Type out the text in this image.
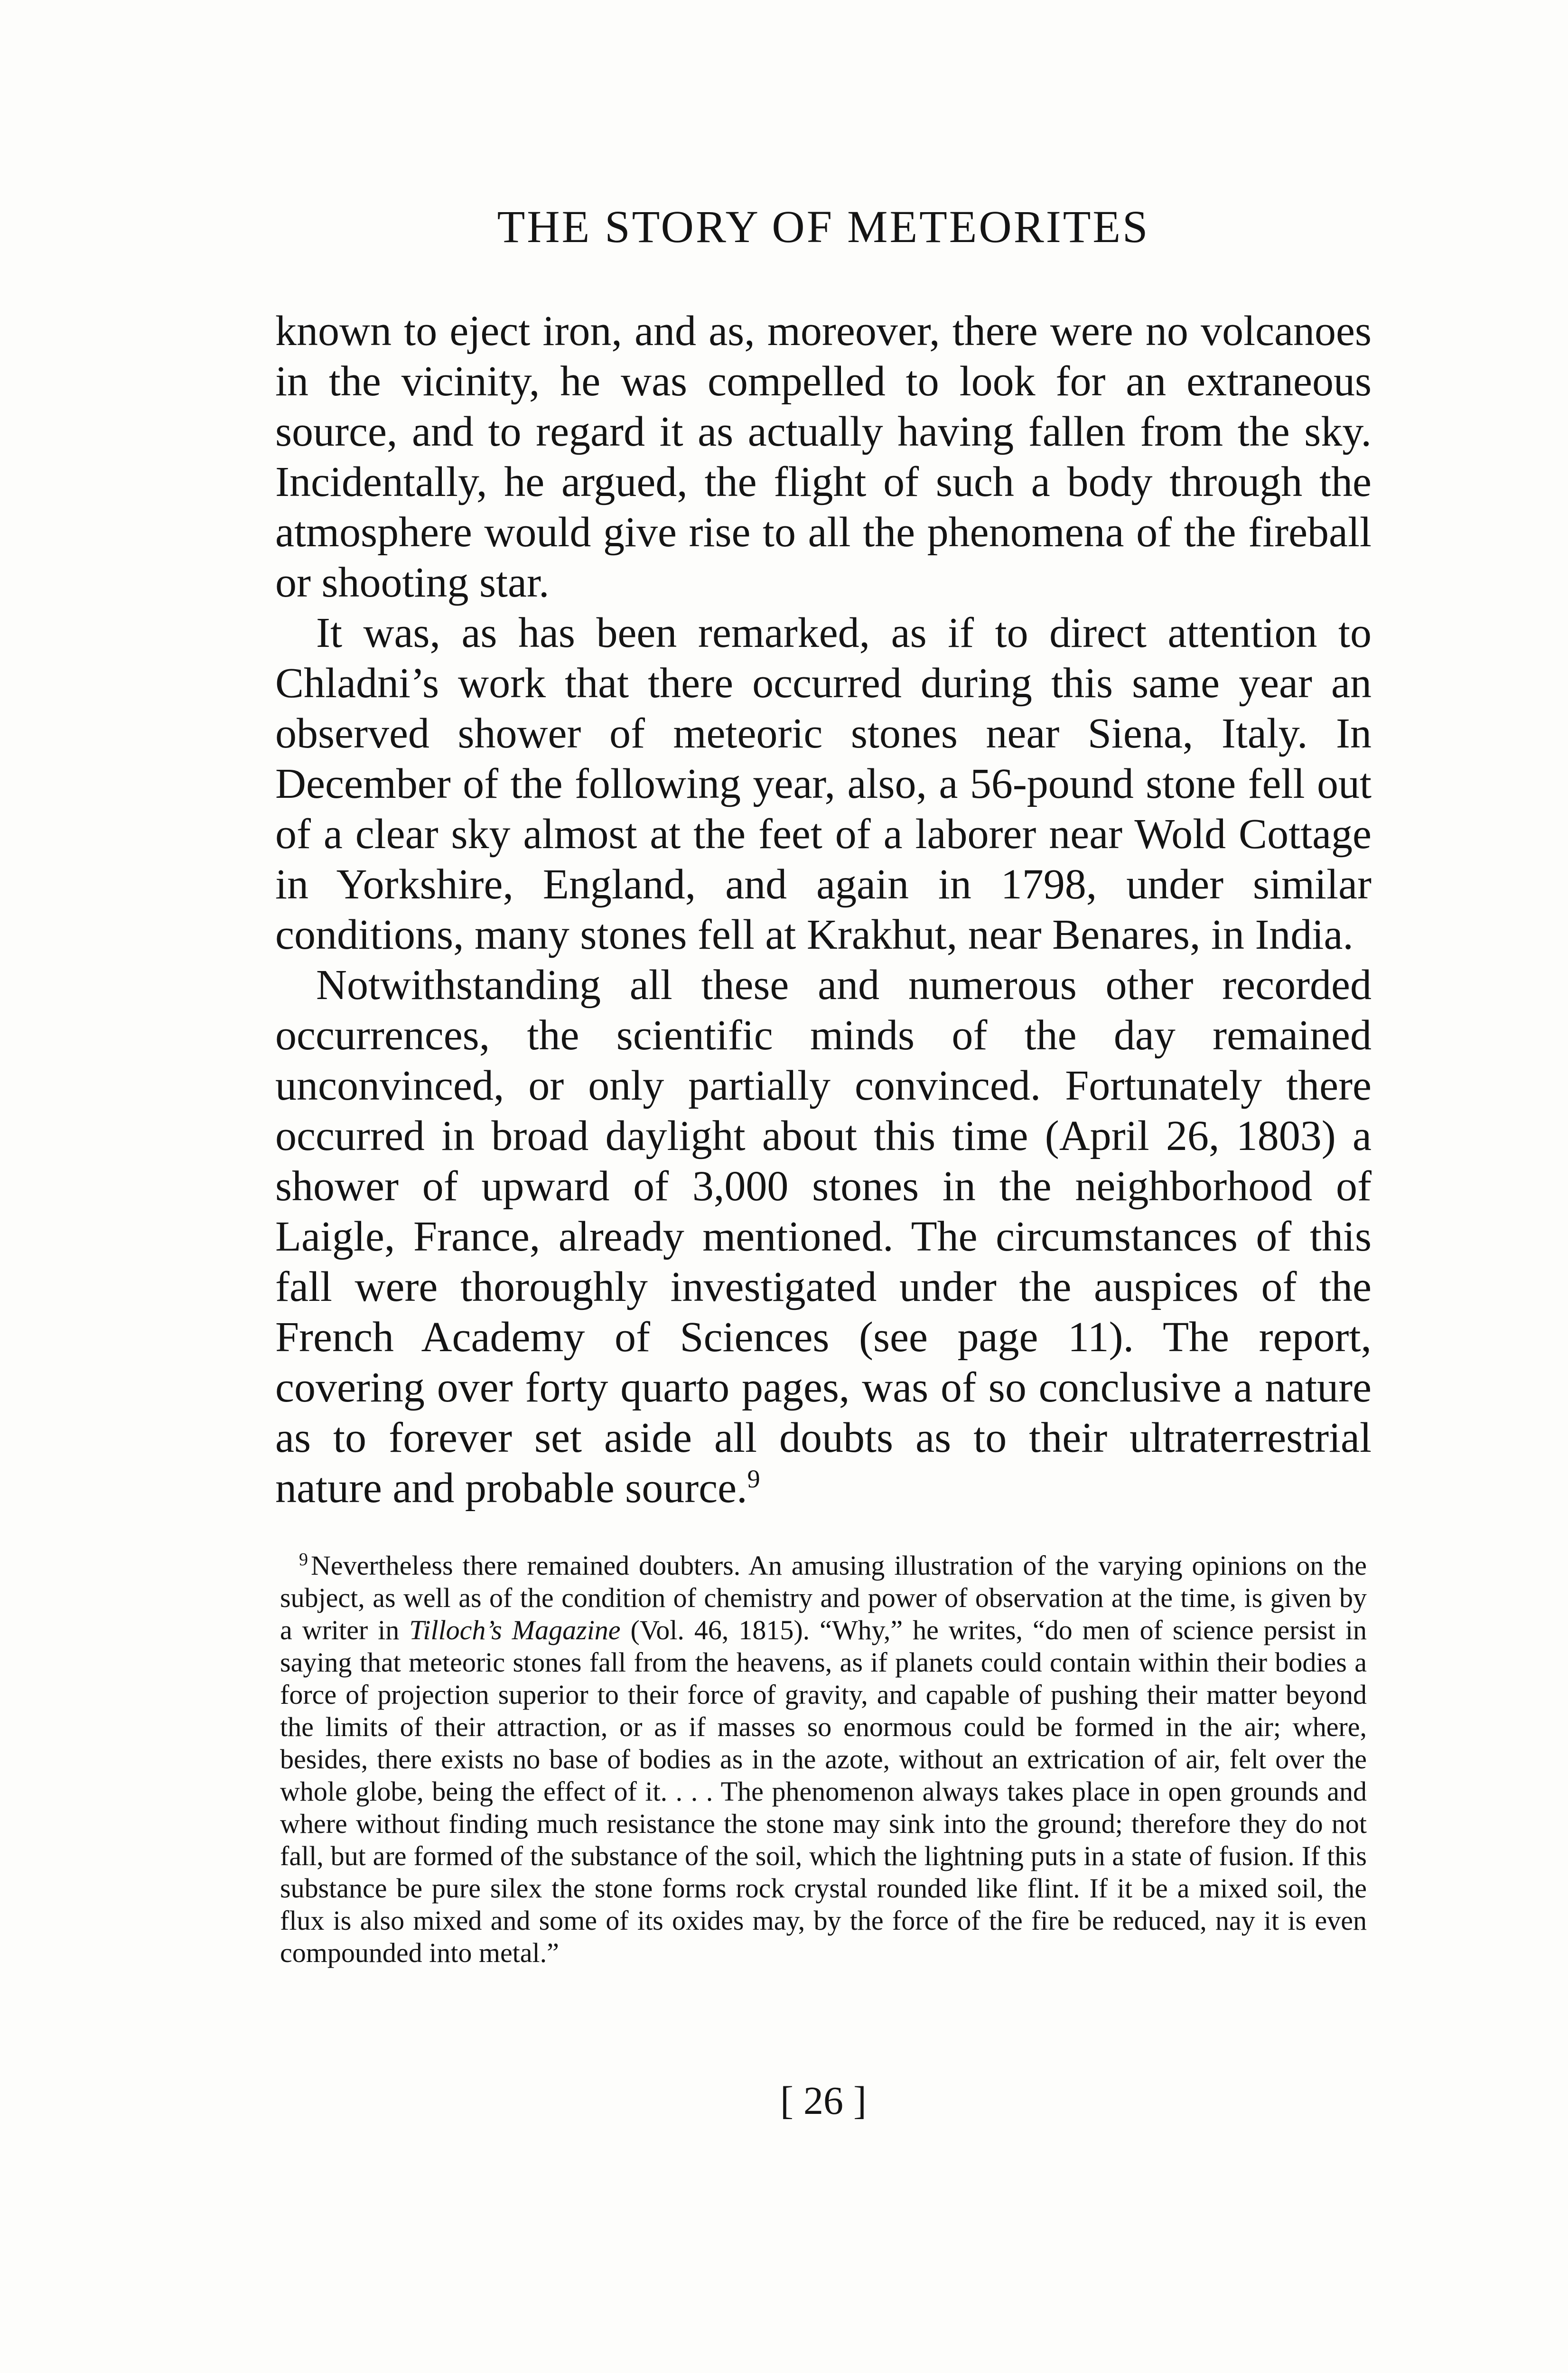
THE STORY OF METEORITES

known to eject iron, and as, moreover, there were no volcanoes in the vicinity, he was compelled to look for an extraneous source, and to regard it as actually having fallen from the sky. Incidentally, he argued, the flight of such a body through the atmosphere would give rise to all the phenomena of the fireball or shooting star.

It was, as has been remarked, as if to direct attention to Chladni’s work that there occurred during this same year an observed shower of meteoric stones near Siena, Italy. In December of the following year, also, a 56-pound stone fell out of a clear sky almost at the feet of a laborer near Wold Cottage in Yorkshire, England, and again in 1798, under similar conditions, many stones fell at Krakhut, near Benares, in India.

Notwithstanding all these and numerous other recorded occurrences, the scientific minds of the day remained unconvinced, or only partially convinced. Fortunately there occurred in broad daylight about this time (April 26, 1803) a shower of upward of 3,000 stones in the neighborhood of Laigle, France, already mentioned. The circumstances of this fall were thoroughly investigated under the auspices of the French Academy of Sciences (see page 11). The report, covering over forty quarto pages, was of so conclusive a nature as to forever set aside all doubts as to their ultraterrestrial nature and probable source.$^9$

$^9$ Nevertheless there remained doubters. An amusing illustration of the varying opinions on the subject, as well as of the condition of chemistry and power of observation at the time, is given by a writer in Tilloch’s Magazine (Vol. 46, 1815). “Why,” he writes, “do men of science persist in saying that meteoric stones fall from the heavens, as if planets could contain within their bodies a force of projection superior to their force of gravity, and capable of pushing their matter beyond the limits of their attraction, or as if masses so enormous could be formed in the air; where, besides, there exists no base of bodies as in the azote, without an extrication of air, felt over the whole globe, being the effect of it. . . . The phenomenon always takes place in open grounds and where without finding much resistance the stone may sink into the ground; therefore they do not fall, but are formed of the substance of the soil, which the lightning puts in a state of fusion. If this substance be pure silex the stone forms rock crystal rounded like flint. If it be a mixed soil, the flux is also mixed and some of its oxides may, by the force of the fire be reduced, nay it is even compounded into metal.”

[ 26 ]
